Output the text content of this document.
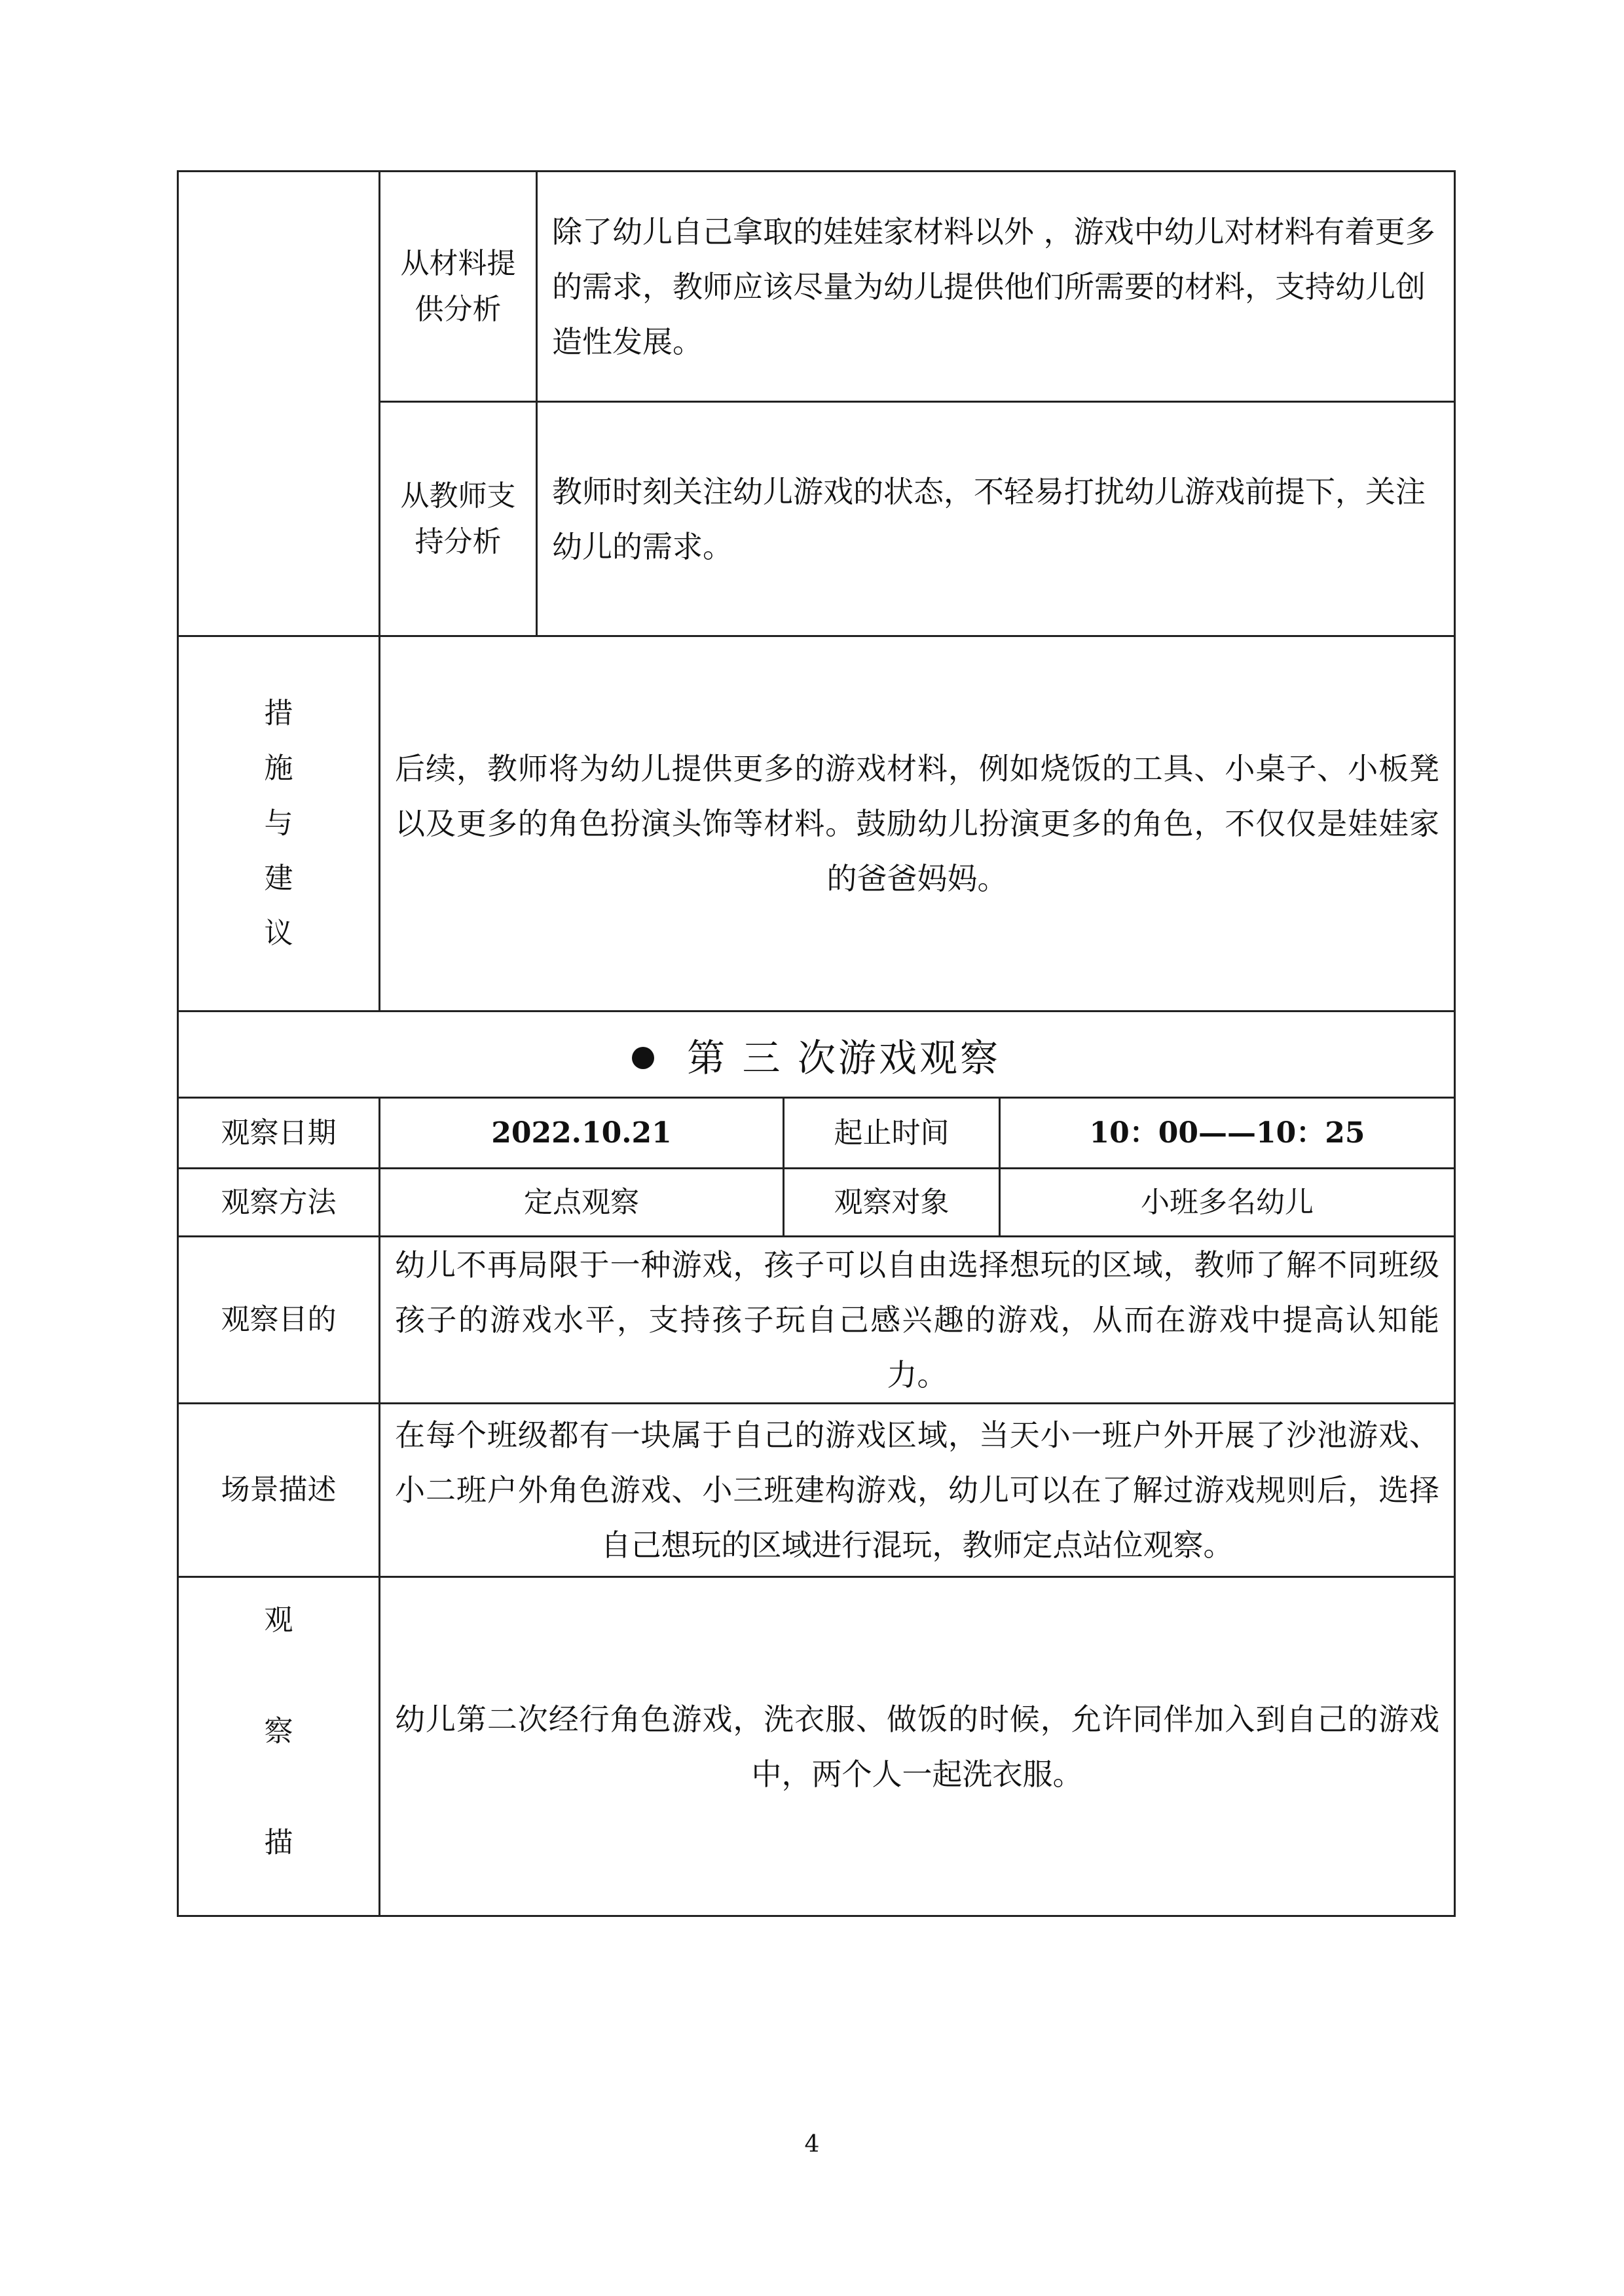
	从材料提
供分析	除了幼儿自己拿取的娃娃家材料以外 ，游戏中幼儿对材料有着更多的需求，教师应该尽量为幼儿提供他们所需要的材料，支持幼儿创造性发展。		

	从教师支
持分析	教师时刻关注幼儿游戏的状态，不轻易打扰幼儿游戏前提下，关注幼儿的需求。		

措
施
与
建
议	后续，教师将为幼儿提供更多的游戏材料，例如烧饭的工具、小桌子、小板凳以及更多的角色扮演头饰等材料。鼓励幼儿扮演更多的角色，不仅仅是娃娃家的爸爸妈妈。			
第 三 次游戏观察				
观察日期	2022.10.21		起止时间	10：00——10：25
观察方法	定点观察		观察对象	小班多名幼儿
观察目的	幼儿不再局限于一种游戏，孩子可以自由选择想玩的区域，教师了解不同班级孩子的游戏水平，支持孩子玩自己感兴趣的游戏，从而在游戏中提高认知能力。			
场景描述	在每个班级都有一块属于自己的游戏区域，当天小一班户外开展了沙池游戏、小二班户外角色游戏、小三班建构游戏，幼儿可以在了解过游戏规则后，选择自己想玩的区域进行混玩，教师定点站位观察。			

观
察
描	幼儿第二次经行角色游戏，洗衣服、做饭的时候，允许同伴加入到自己的游戏中，两个人一起洗衣服。			
4
